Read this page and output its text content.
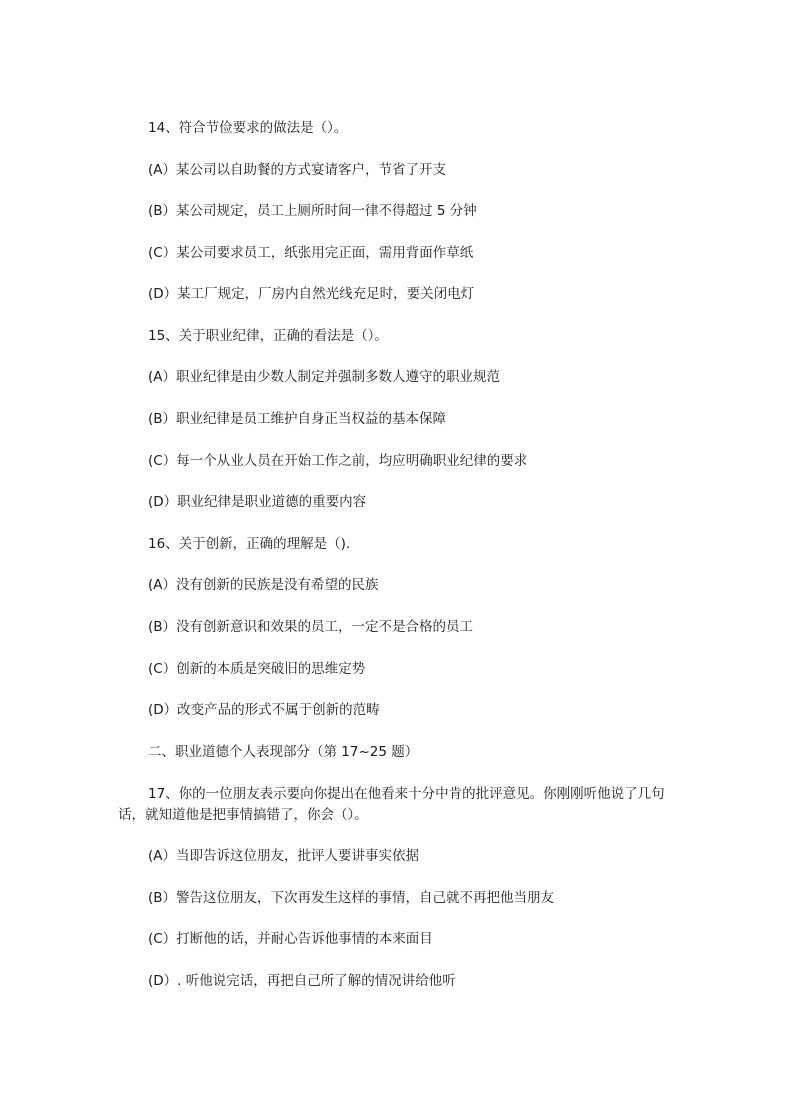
14、符合节俭要求的做法是（）。
(A）某公司以自助餐的方式宴请客户，节省了开支
(B）某公司规定，员工上厕所时间一律不得超过 5 分钟
(C）某公司要求员工，纸张用完正面，需用背面作草纸
(D）某工厂规定，厂房内自然光线充足时，要关闭电灯
15、关于职业纪律，正确的看法是（）。
(A）职业纪律是由少数人制定并强制多数人遵守的职业规范
(B）职业纪律是员工维护自身正当权益的基本保障
(C）每一个从业人员在开始工作之前，均应明确职业纪律的要求
(D）职业纪律是职业道德的重要内容
16、关于创新，正确的理解是（).
(A）没有创新的民族是没有希望的民族
(B）没有创新意识和效果的员工，一定不是合格的员工
(C）创新的本质是突破旧的思维定势
(D）改变产品的形式不属于创新的范畴
二、职业道德个人表现部分（第 17~25 题）
17、你的一位朋友表示要向你提出在他看来十分中肯的批评意见。你刚刚听他说了几句话，就知道他是把事情搞错了，你会（）。
(A）当即告诉这位朋友，批评人要讲事实依据
(B）警告这位朋友，下次再发生这样的事情，自己就不再把他当朋友
(C）打断他的话，并耐心告诉他事情的本来面目
(D）. 听他说完话，再把自己所了解的情况讲给他听
